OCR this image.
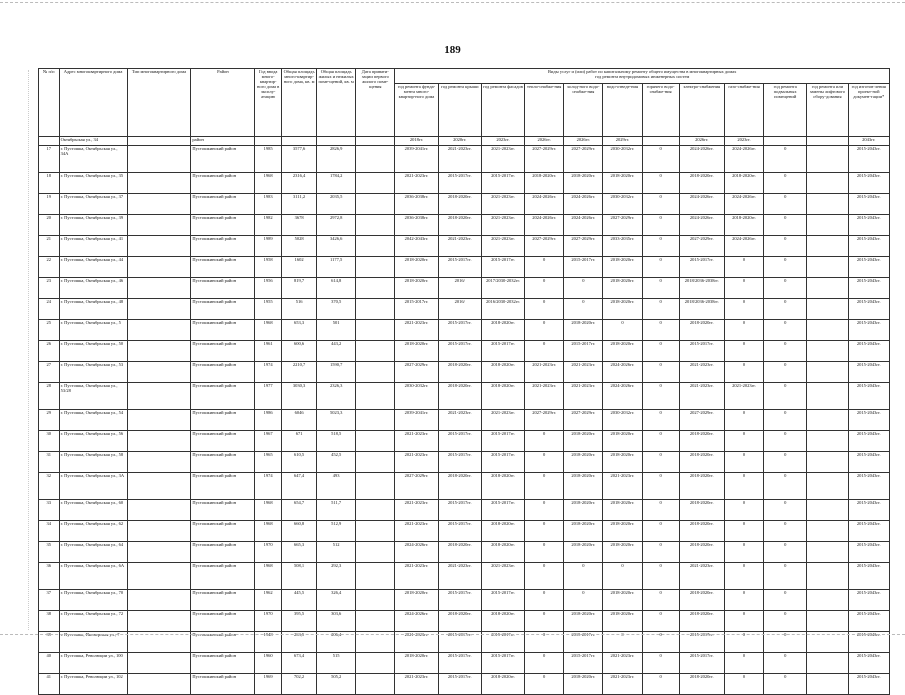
189
№ п/п	Адрес многоквартирного дома	Тип многоквартирного дома	Район	Год ввода много-квартир-ного дома в эксплу-атацию	Общая площадь много-квартир-ного дома, кв. м	Общая площадь жилых и нежилых поме-щений, кв. м	Дата привати-зации первого жилого поме-щения	Виды услуг и (или) работ по капитальному ремонту общего имущества в многоквартирных домах
год ремонта внутридомовых инженерных систем											
								год ремонта фунда-мента много-квартир-ного дома	год ремонта крыши	год ремонта фасадов	тепло-снабже-ния	холод-ного водо-снабже-ния	водо-отведе-ния	горячего водо-снабже-ния	электро-снабжения	газо-снабже-ния	год ремонта подвальных помещений	год ремонта или замены лифтового обору-дования	год изготов-ления проект-ной докумен-тации*
	Октябрьская ул., 34		район					2018гг.	2020гг.	2023гг.	2026гг.	2026гг.	2029гг.		2026гг.	2023гг.			2043гг.
17	г. Пустошка, Октябрьская ул., 34А		Пустошкинский район	1985	3577,6	2826,9		2039-2041гг.	2021-2023гг.	2021-2023гг.	2027-2029гг.	2027-2029гг.	2030-2032гг.	0	2024-2026гг.	2024-2026гг.	0		2015-2043гг.
18	г. Пустошка, Октябрьская ул., 35		Пустошкинский район	1968	2316,4	1784,2		2021-2023гг.	2015-2017гг.	2015-2017гг.	2018-2020гг.	2018-2020гг.	2018-2020гг.	0	2018-2020гг.	2018-2020гг.	0		2015-2043гг.
19	г. Пустошка, Октябрьская ул., 37		Пустошкинский район	1983	3111,2	2035,5		2036-2038гг.	2018-2020гг.	2021-2023гг.	2024-2026гг.	2024-2026гг.	2030-2032гг.	0	2024-2026гг.	2024-2026гг.	0		2015-2043гг.
20	г. Пустошка, Октябрьская ул., 39		Пустошкинский район	1982	3678	2972,8		2036-2038гг.	2018-2020гг.	2021-2023гг.	2024-2026гг.	2024-2026гг.	2027-2029гг.	0	2024-2026гг.	2018-2020гг.	0		2015-2043гг.
21	г. Пустошка, Октябрьская ул., 41		Пустошкинский район	1989	5028	3426,6		2042-2043гг.	2021-2023гг.	2021-2023гг.	2027-2029гг.	2027-2029гг.	2033-2035гг.	0	2027-2029гг.	2024-2026гг.	0		2015-2043гг.
22	г. Пустошка, Октябрьская ул., 44		Пустошкинский район	1958	1602	1177,5		2018-2020гг.	2015-2017гг.	2015-2017гг.	0	2015-2017гг.	2018-2020гг.	0	2015-2017гг.	0	0		2015-2043гг.
23	г. Пустошка, Октябрьская ул., 46		Пустошкинский район	1956	819,7	614,8		2018-2020гг.	2016/	2017/2030-2032гг.	0	0	2018-2020гг.	0	2018/2036-2038гг.	0	0		2015-2043гг.
24	г. Пустошка, Октябрьская ул., 48		Пустошкинский район	1955	516	370,5		2015-2017гг.	2016/	2016/2030-2032гг.	0	0	2018-2020гг.	0	2018/2036-2038гг.	0	0		2015-2043гг.
25	г. Пустошка, Октябрьская ул., 5		Пустошкинский район	1968	653,3	501		2021-2023гг.	2015-2017гг.	2018-2020гг.	0	2018-2020гг.	0	0	2018-2020гг.	0	0		2015-2043гг.
26	г. Пустошка, Октябрьская ул., 50		Пустошкинский район	1961	600,6	443,2		2018-2020гг.	2015-2017гг.	2015-2017гг.	0	2015-2017гг.	2018-2020гг.	0	2015-2017гг.	0	0		2015-2043гг.
27	г. Пустошка, Октябрьская ул., 53		Пустошкинский район	1974	2210,7	1590,7		2027-2029гг.	2018-2020гг.	2018-2020гг.	2021-2023гг.	2021-2023гг.	2024-2026гг.	0	2021-2023гг.	0	0		2015-2043гг.
28	г. Пустошка, Октябрьская ул., 53/28		Пустошкинский район	1977	3030,3	2326,3		2030-2032гг.	2018-2020гг.	2018-2020гг.	2021-2023гг.	2021-2023гг.	2024-2026гг.	0	2021-2023гг.	2021-2023гг.	0		2015-2043гг.
29	г. Пустошка, Октябрьская ул., 54		Пустошкинский район	1986	6046	5023,3		2039-2041гг.	2021-2023гг.	2021-2023гг.	2027-2029гг.	2027-2029гг.	2030-2032гг.	0	2027-2029гг.	0	0		2015-2043гг.
30	г. Пустошка, Октябрьская ул., 56		Пустошкинский район	1967	671	518,5		2021-2023гг.	2015-2017гг.	2015-2017гг.	0	2018-2020гг.	2018-2020гг.	0	2018-2020гг.	0	0		2015-2043гг.
31	г. Пустошка, Октябрьская ул., 58		Пустошкинский район	1965	610,5	452,5		2021-2023гг.	2015-2017гг.	2015-2017гг.	0	2018-2020гг.	2018-2020гг.	0	2018-2020гг.	0	0		2015-2043гг.
32	г. Пустошка, Октябрьская ул., 3А		Пустошкинский район	1974	647,4	493		2027-2029гг.	2018-2020гг.	2018-2020гг.	0	2018-2020гг.	2021-2023гг.	0	2018-2020гг.	0	0		2015-2043гг.
33	г. Пустошка, Октябрьская ул., 60		Пустошкинский район	1968	654,7	511,7		2021-2023гг.	2015-2017гг.	2015-2017гг.	0	2018-2020гг.	2018-2020гг.	0	2018-2020гг.	0	0		2015-2043гг.
34	г. Пустошка, Октябрьская ул., 62		Пустошкинский район	1968	660,8	512,9		2021-2023гг.	2015-2017гг.	2018-2020гг.	0	2018-2020гг.	2018-2020гг.	0	2018-2020гг.	0	0		2015-2043гг.
35	г. Пустошка, Октябрьская ул., 64		Пустошкинский район	1970	665,3	512		2024-2026гг.	2018-2020гг.	2018-2020гг.	0	2018-2020гг.	2018-2020гг.	0	2018-2020гг.	0	0		2015-2043гг.
36	г. Пустошка, Октябрьская ул., 6А		Пустошкинский район	1968	508,1	292,3		2021-2023гг.	2021-2023гг.	2021-2023гг.	0	0	0	0	2021-2023гг.	0	0		2015-2043гг.
37	г. Пустошка, Октябрьская ул., 70		Пустошкинский район	1962	445,5	326,4		2018-2020гг.	2015-2017гг.	2015-2017гг.	0	0	2018-2020гг.	0	2018-2020гг.	0	0		2015-2043гг.
38	г. Пустошка, Октябрьская ул., 72		Пустошкинский район	1970	395,5	303,6		2024-2026гг.	2018-2020гг.	2018-2020гг.	0	2018-2020гг.	2018-2020гг.	0	2018-2020гг.	0	0		2015-2043гг.
39	г. Пустошка, Пионерская ул., 7		Пустошкинский район	1948	263,5	206,4		2021-2023гг.	2015-2017гг.	2015-2017гг.	0	2015-2017гг.	0	0	2015-2017гг.	0	0		2015-2043гг.
40	г. Пустошка, Революции ул., 100		Пустошкинский район	1960	673,4	515		2018-2020гг.	2015-2017гг.	2015-2017гг.	0	2015-2017гг.	2021-2023гг.	0	2015-2017гг.	0	0		2015-2043гг.
41	г. Пустошка, Революции ул., 102		Пустошкинский район	1969	702,2	505,2		2021-2023гг.	2015-2017гг.	2018-2020гг.	0	2018-2020гг.	2021-2023гг.	0	2018-2020гг.	0	0		2015-2043гг.
